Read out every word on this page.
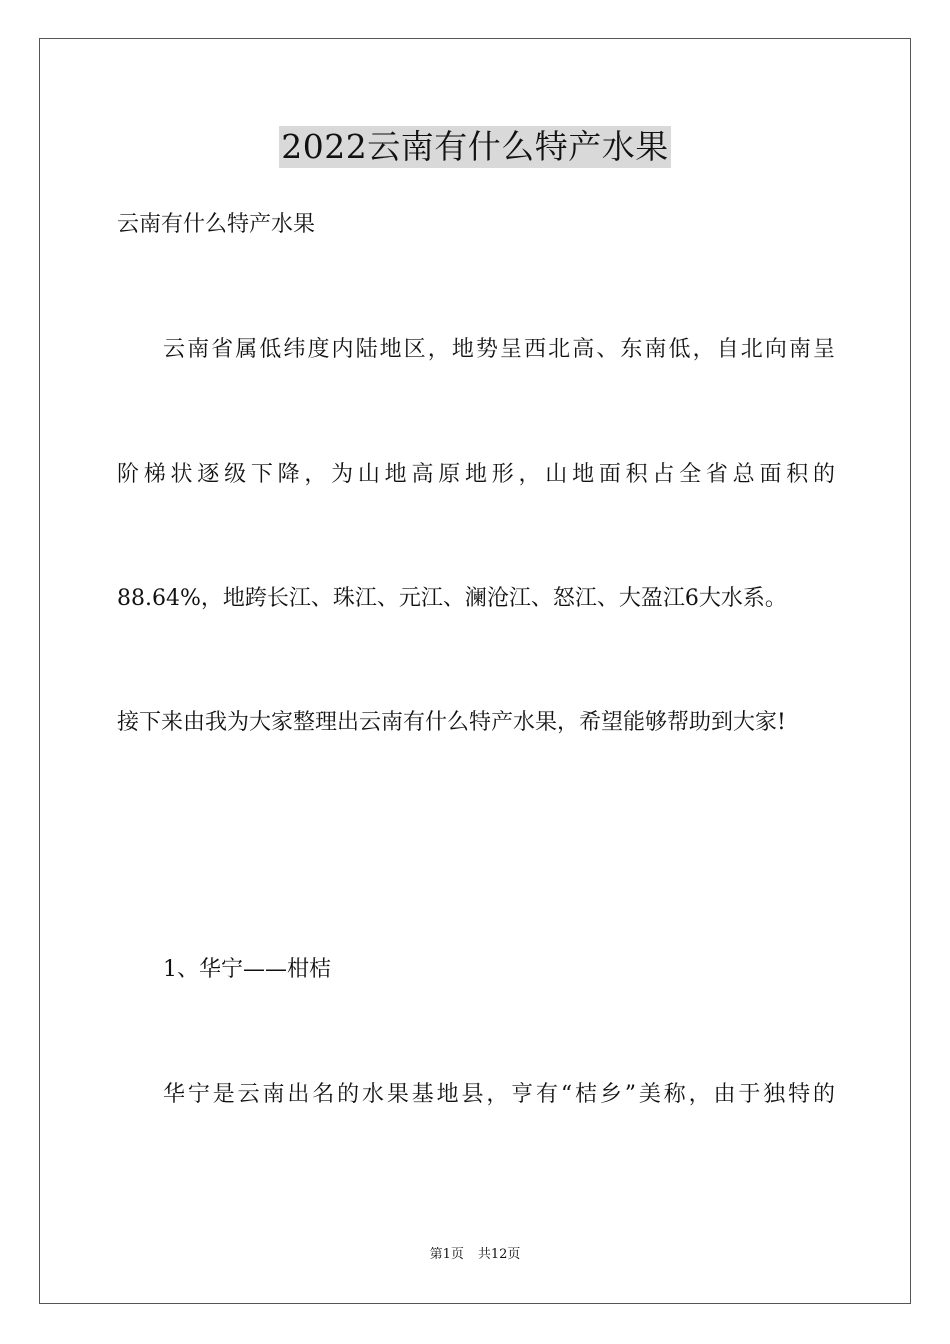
2022云南有什么特产水果
云南有什么特产水果
云南省属低纬度内陆地区，地势呈西北高、东南低，自北向南呈
阶梯状逐级下降，为山地高原地形，山地面积占全省总面积的
88.64%，地跨长江、珠江、元江、澜沧江、怒江、大盈江6大水系。
接下来由我为大家整理出云南有什么特产水果，希望能够帮助到大家!
1、华宁——柑桔
华宁是云南出名的水果基地县，亨有“桔乡”美称，由于独特的
第1页 共12页
